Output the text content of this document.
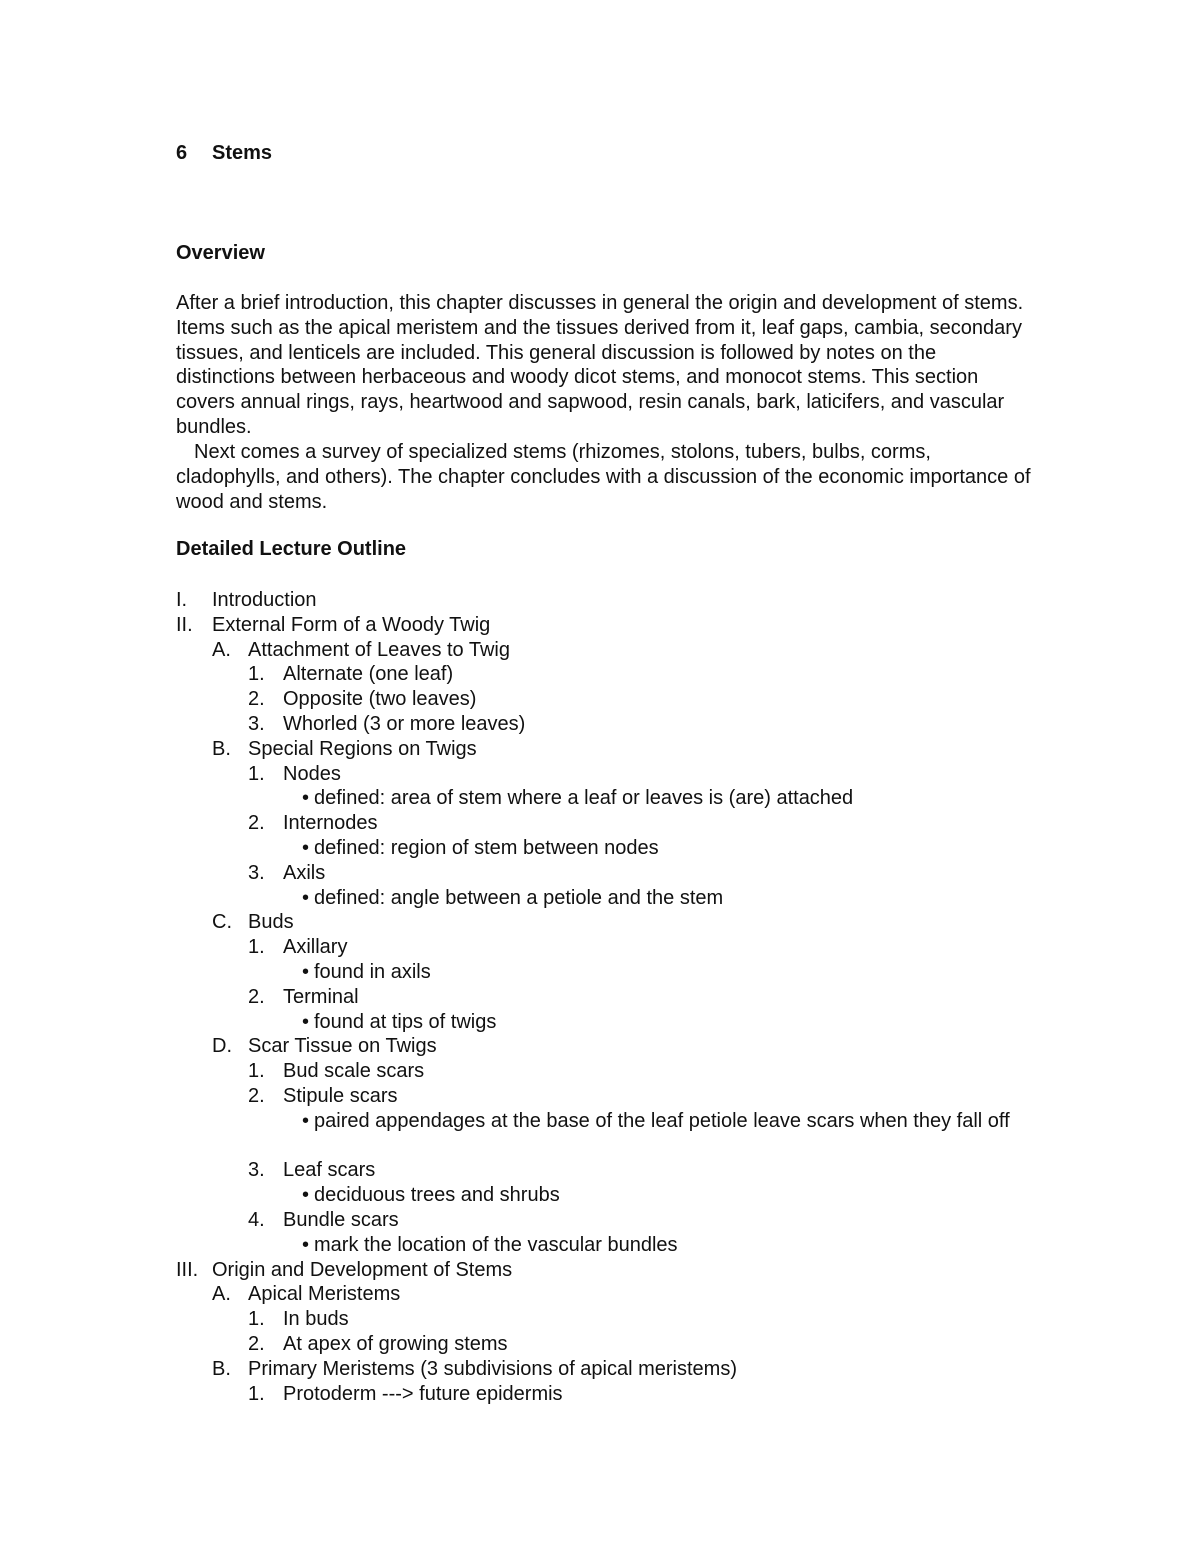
6 Stems
Overview

After a brief introduction, this chapter discusses in general the origin and development of stems. Items such as the apical meristem and the tissues derived from it, leaf gaps, cambia, secondary tissues, and lenticels are included. This general discussion is followed by notes on the distinctions between herbaceous and woody dicot stems, and monocot stems. This section covers annual rings, rays, heartwood and sapwood, resin canals, bark, laticifers, and vascular bundles.

Next comes a survey of specialized stems (rhizomes, stolons, tubers, bulbs, corms, cladophylls, and others). The chapter concludes with a discussion of the economic importance of wood and stems.

Detailed Lecture Outline
I. Introduction
II. External Form of a Woody Twig
A. Attachment of Leaves to Twig
1. Alternate (one leaf)
2. Opposite (two leaves)
3. Whorled (3 or more leaves)
B. Special Regions on Twigs
1. Nodes
• defined: area of stem where a leaf or leaves is (are) attached
2. Internodes
• defined: region of stem between nodes
3. Axils
• defined: angle between a petiole and the stem
C. Buds
1. Axillary
• found in axils
2. Terminal
• found at tips of twigs
D. Scar Tissue on Twigs
1. Bud scale scars
2. Stipule scars
• paired appendages at the base of the leaf petiole leave scars when they fall off
3. Leaf scars
• deciduous trees and shrubs
4. Bundle scars
• mark the location of the vascular bundles
III. Origin and Development of Stems
A. Apical Meristems
1. In buds
2. At apex of growing stems
B. Primary Meristems (3 subdivisions of apical meristems)
1. Protoderm ---> future epidermis
